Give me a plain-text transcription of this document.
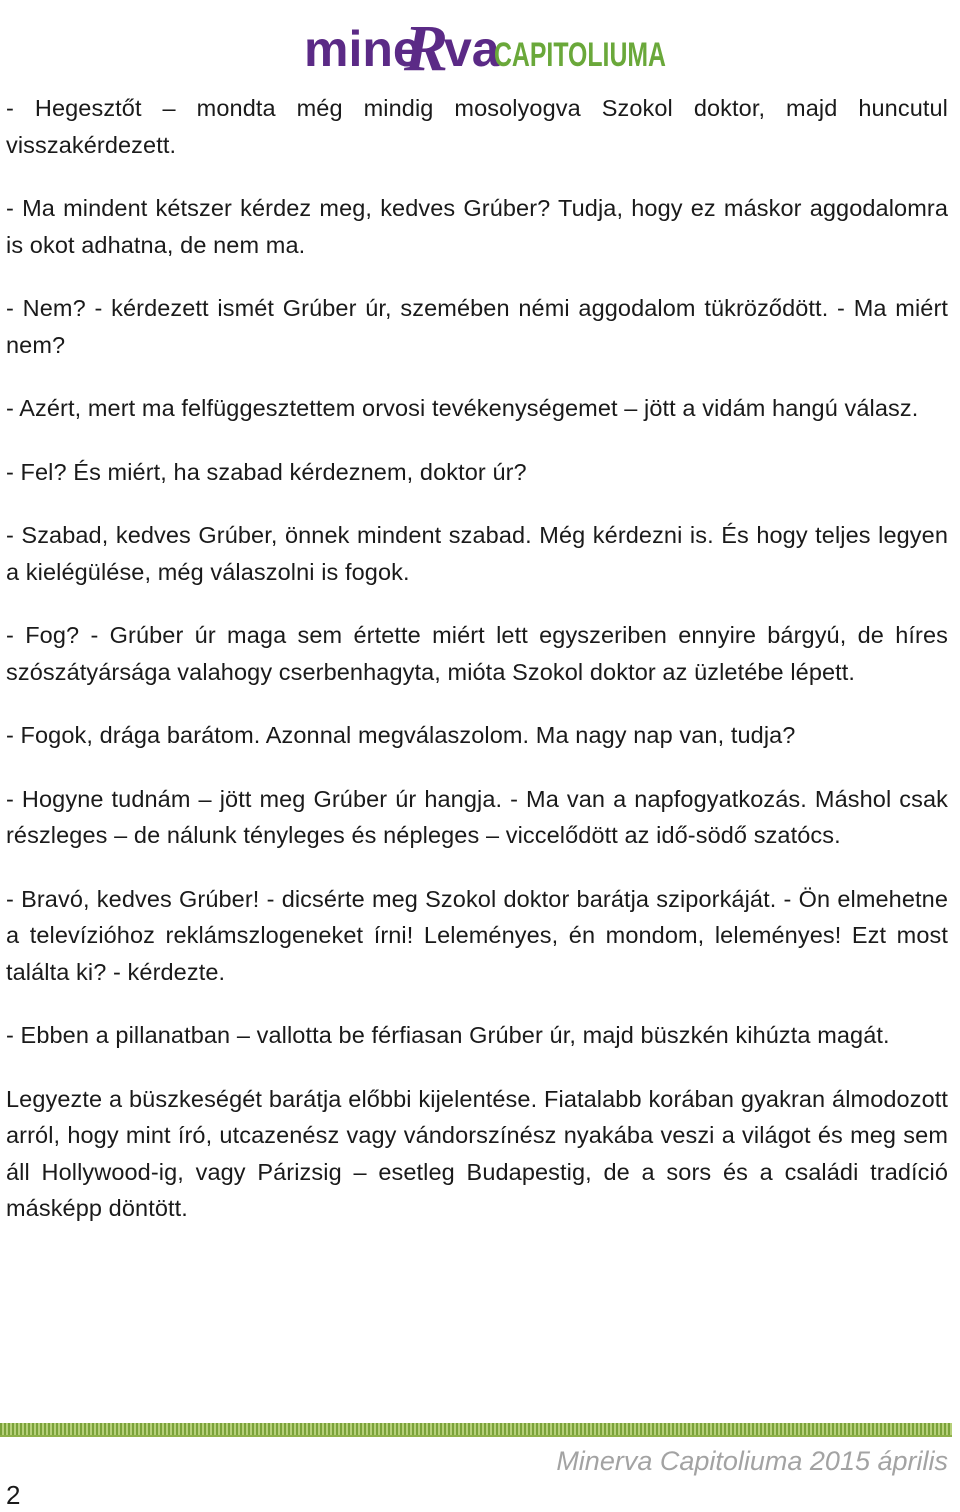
mine
R
va
CAPITOLIUMA

- Hegesztőt – mondta még mindig mosolyogva Szokol doktor, majd huncutul visszakérdezett.

- Ma mindent kétszer kérdez meg, kedves Grúber? Tudja, hogy ez máskor aggodalomra is okot adhatna, de nem ma.

- Nem? - kérdezett ismét Grúber úr, szemében némi aggodalom tükröződött. - Ma miért nem?

- Azért, mert ma felfüggesztettem orvosi tevékenységemet – jött a vidám hangú válasz.

- Fel? És miért, ha szabad kérdeznem, doktor úr?

- Szabad, kedves Grúber, önnek mindent szabad. Még kérdezni is. És hogy teljes legyen a kielégülése, még válaszolni is fogok.

- Fog? - Grúber úr maga sem értette miért lett egyszeriben ennyire bárgyú, de híres szószátyársága valahogy cserbenhagyta, mióta Szokol doktor az üzletébe lépett.

- Fogok, drága barátom. Azonnal megválaszolom. Ma nagy nap van, tudja?

- Hogyne tudnám – jött meg Grúber úr hangja. - Ma van a napfogyatkozás. Máshol csak részleges – de nálunk tényleges és népleges – viccelődött az idő-södő szatócs.

- Bravó, kedves Grúber! - dicsérte meg Szokol doktor barátja sziporkáját. - Ön elmehetne a televízióhoz reklámszlogeneket írni! Leleményes, én mondom, leleményes! Ezt most találta ki? - kérdezte.

- Ebben a pillanatban – vallotta be férfiasan Grúber úr, majd büszkén kihúzta magát.

Legyezte a büszkeségét barátja előbbi kijelentése. Fiatalabb korában gyakran álmodozott arról, hogy mint író, utcazenész vagy vándorszínész nyakába veszi a világot és meg sem áll Hollywood-ig, vagy Párizsig – esetleg Budapestig, de a sors és a családi tradíció másképp döntött.

Minerva Capitoliuma 2015 április
2
